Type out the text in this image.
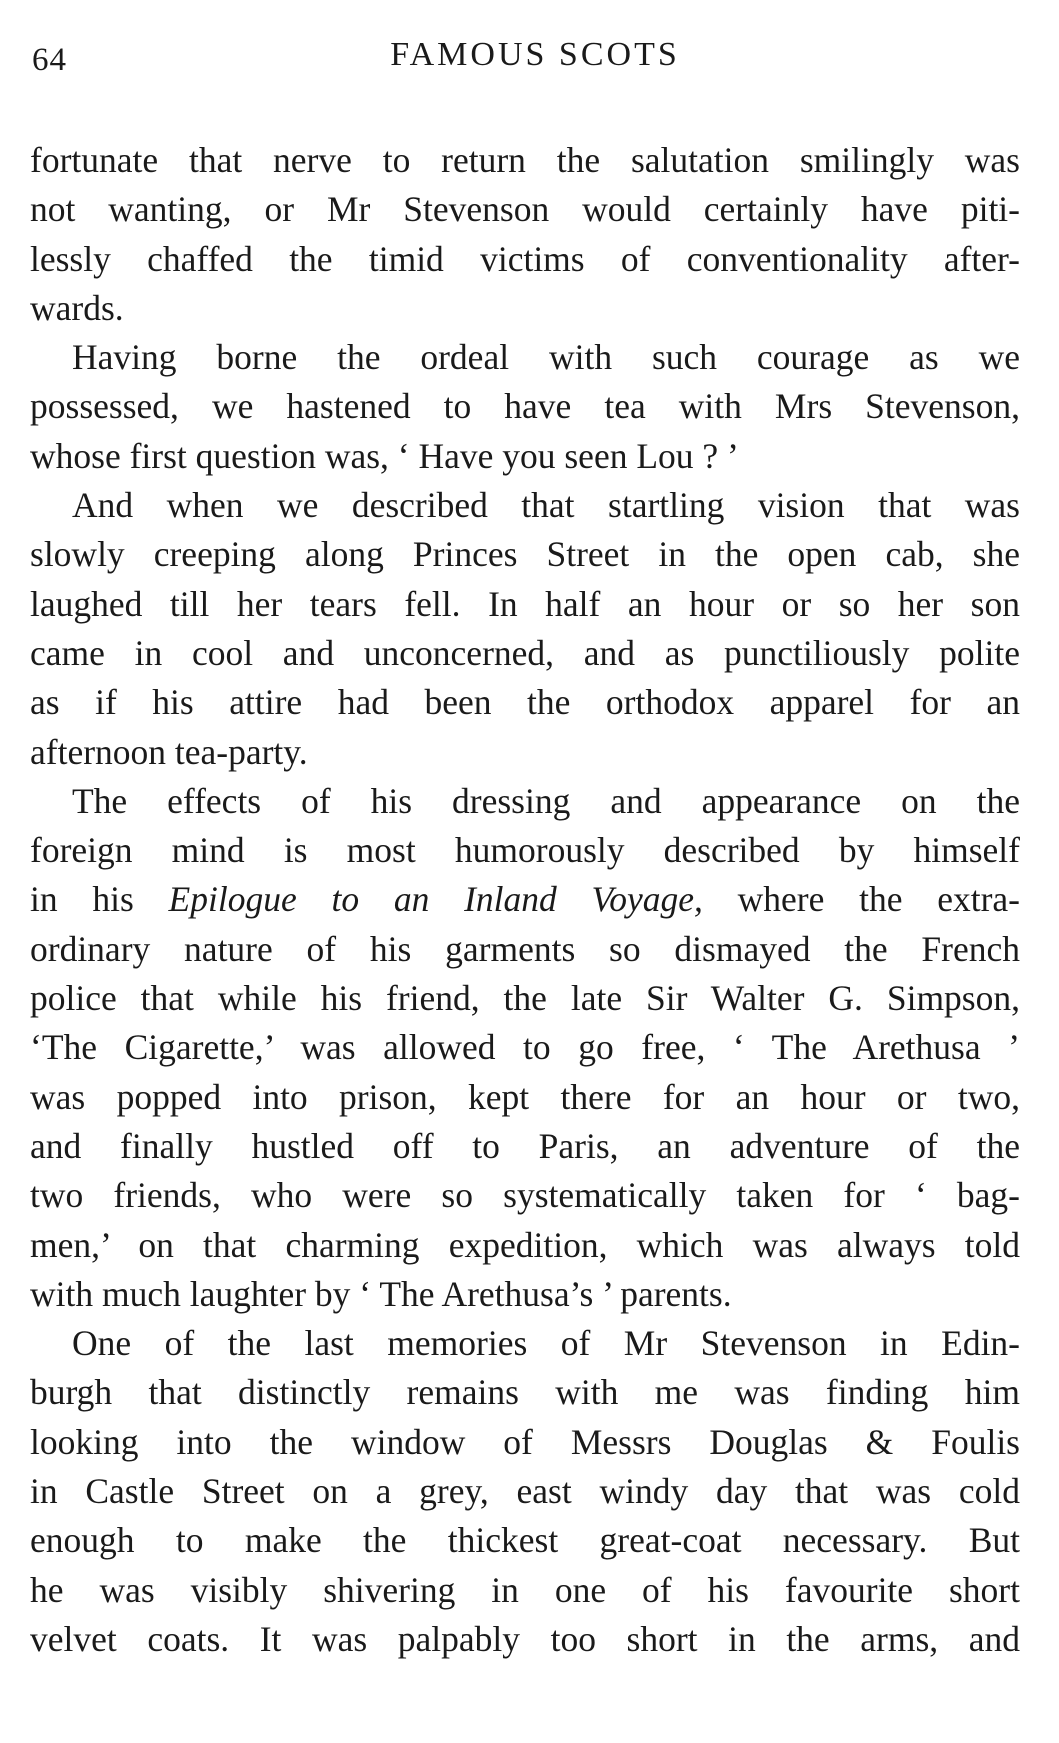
64	FAMOUS SCOTS

fortunate that nerve to return the salutation smilingly was
not wanting, or Mr Stevenson would certainly have piti-
lessly chaffed the timid victims of conventionality after-
wards.

Having borne the ordeal with such courage as we
possessed, we hastened to have tea with Mrs Stevenson,
whose first question was, ‘ Have you seen Lou ? ’

And when we described that startling vision that was
slowly creeping along Princes Street in the open cab, she
laughed till her tears fell. In half an hour or so her son
came in cool and unconcerned, and as punctiliously polite
as if his attire had been the orthodox apparel for an
afternoon tea-party.

The effects of his dressing and appearance on the
foreign mind is most humorously described by himself
in his Epilogue to an Inland Voyage, where the extra-
ordinary nature of his garments so dismayed the French
police that while his friend, the late Sir Walter G. Simpson,
‘The Cigarette,’ was allowed to go free, ‘ The Arethusa ’
was popped into prison, kept there for an hour or two,
and finally hustled off to Paris, an adventure of the
two friends, who were so systematically taken for ‘ bag-
men,’ on that charming expedition, which was always told
with much laughter by ‘ The Arethusa’s ’ parents.

One of the last memories of Mr Stevenson in Edin-
burgh that distinctly remains with me was finding him
looking into the window of Messrs Douglas & Foulis
in Castle Street on a grey, east windy day that was cold
enough to make the thickest great-coat necessary. But
he was visibly shivering in one of his favourite short
velvet coats. It was palpably too short in the arms, and
